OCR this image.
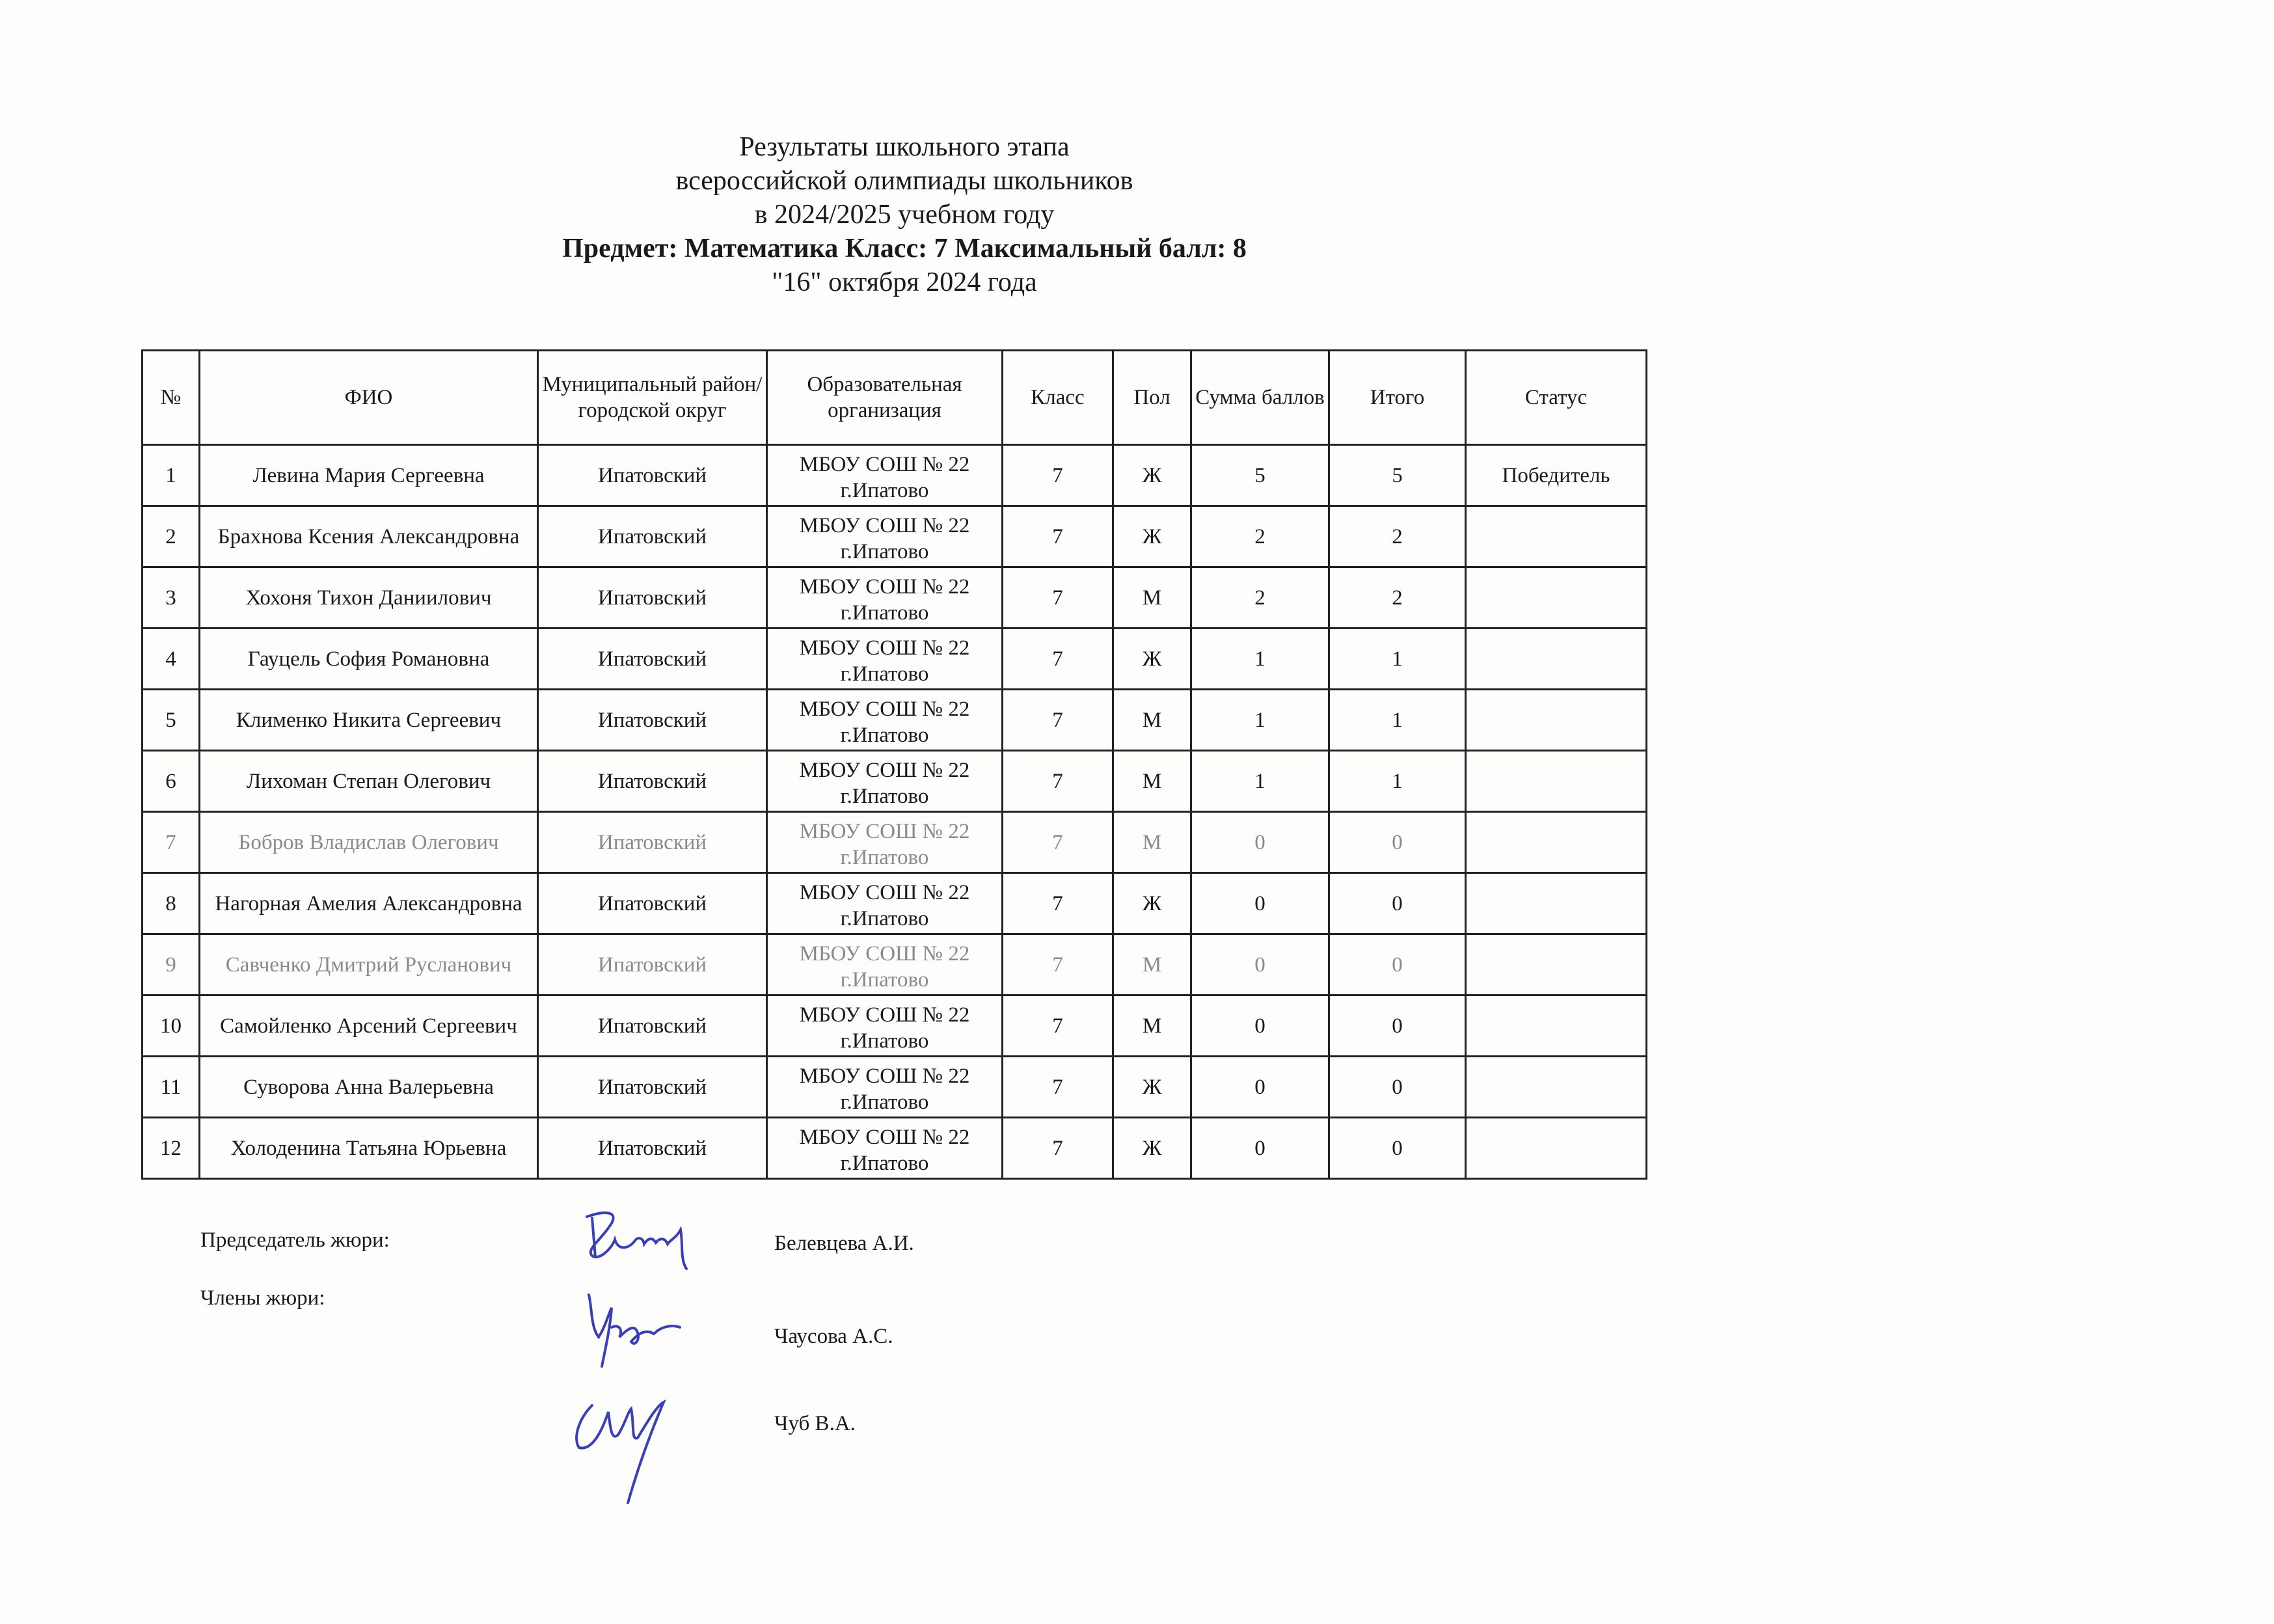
Результаты школьного этапа
всероссийской олимпиады школьников
в 2024/2025 учебном году
Предмет: Математика Класс: 7 Максимальный балл: 8
"16" октября 2024 года
№	ФИО	Муниципальный район/городской округ	Образовательная организация	Класс	Пол	Сумма баллов	Итого	Статус
1	Левина Мария Сергеевна	Ипатовский	МБОУ СОШ № 22 г.Ипатово	7	Ж	5	5	Победитель
2	Брахнова Ксения Александровна	Ипатовский	МБОУ СОШ № 22 г.Ипатово	7	Ж	2	2	
3	Хохоня Тихон Даниилович	Ипатовский	МБОУ СОШ № 22 г.Ипатово	7	М	2	2	
4	Гауцель София Романовна	Ипатовский	МБОУ СОШ № 22 г.Ипатово	7	Ж	1	1	
5	Клименко Никита Сергеевич	Ипатовский	МБОУ СОШ № 22 г.Ипатово	7	М	1	1	
6	Лихоман Степан Олегович	Ипатовский	МБОУ СОШ № 22 г.Ипатово	7	М	1	1	
7	Бобров Владислав Олегович	Ипатовский	МБОУ СОШ № 22 г.Ипатово	7	М	0	0	
8	Нагорная Амелия Александровна	Ипатовский	МБОУ СОШ № 22 г.Ипатово	7	Ж	0	0	
9	Савченко Дмитрий Русланович	Ипатовский	МБОУ СОШ № 22 г.Ипатово	7	М	0	0	
10	Самойленко Арсений Сергеевич	Ипатовский	МБОУ СОШ № 22 г.Ипатово	7	М	0	0	
11	Суворова Анна Валерьевна	Ипатовский	МБОУ СОШ № 22 г.Ипатово	7	Ж	0	0	
12	Холоденина Татьяна Юрьевна	Ипатовский	МБОУ СОШ № 22 г.Ипатово	7	Ж	0	0	
Председатель жюри:	Белевцева А.И.
Члены жюри:
Чаусова А.С.
Чуб В.А.
